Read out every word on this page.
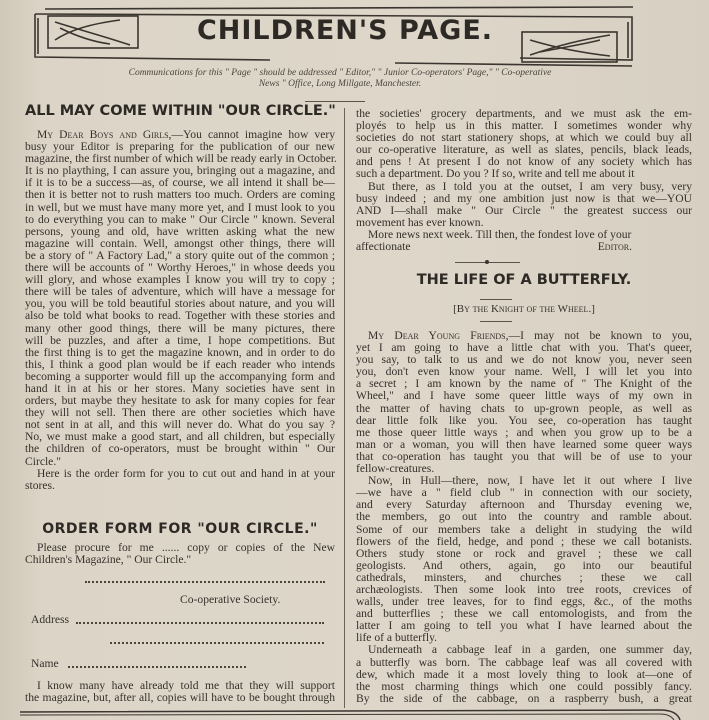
CHILDREN'S PAGE.
Communications for this " Page " should be addressed " Editor," " Junior Co-operators' Page," " Co-operative
News " Office, Long Millgate, Manchester.
ALL MAY COME WITHIN "OUR CIRCLE."
My Dear Boys and Girls,—You cannot imagine how very
busy your Editor is preparing for the publication of our new
magazine, the first number of which will be ready early in October.
It is no plaything, I can assure you, bringing out a magazine, and
if it is to be a success—as, of course, we all intend it shall be—
then it is better not to rush matters too much. Orders are coming
in well, but we must have many more yet, and I must look to you
to do everything you can to make " Our Circle " known. Several
persons, young and old, have written asking what the new
magazine will contain. Well, amongst other things, there will
be a story of " A Factory Lad," a story quite out of the common ;
there will be accounts of " Worthy Heroes," in whose deeds you
will glory, and whose examples I know you will try to copy ;
there will be tales of adventure, which will have a message for
you, you will be told beautiful stories about nature, and you will
also be told what books to read. Together with these stories and
many other good things, there will be many pictures, there
will be puzzles, and after a time, I hope competitions. But
the first thing is to get the magazine known, and in order to do
this, I think a good plan would be if each reader who intends
becoming a supporter would fill up the accompanying form and
hand it in at his or her stores. Many societies have sent in
orders, but maybe they hesitate to ask for many copies for fear
they will not sell. Then there are other societies which have
not sent in at all, and this will never do. What do you say ?
No, we must make a good start, and all children, but especially
the children of co-operators, must be brought within " Our
Circle."
Here is the order form for you to cut out and hand in at your
stores.
ORDER FORM FOR "OUR CIRCLE."
Please procure for me ...... copy or copies of the New
Children's Magazine, " Our Circle."
Co-operative Society.
Address
Name
I know many have already told me that they will support
the magazine, but, after all, copies will have to be bought through
the societies' grocery departments, and we must ask the em-
ployés to help us in this matter. I sometimes wonder why
societies do not start stationery shops, at which we could buy all
our co-operative literature, as well as slates, pencils, black leads,
and pens ! At present I do not know of any society which has
such a department. Do you ? If so, write and tell me about it
But there, as I told you at the outset, I am very busy, very
busy indeed ; and my one ambition just now is that we—YOU
AND I—shall make " Our Circle " the greatest success our
movement has ever known.
More news next week. Till then, the fondest love of your
affectionate	Editor.
THE LIFE OF A BUTTERFLY.
[By the Knight of the Wheel.]
My Dear Young Friends,—I may not be known to you,
yet I am going to have a little chat with you. That's queer,
you say, to talk to us and we do not know you, never seen
you, don't even know your name. Well, I will let you into
a secret ; I am known by the name of " The Knight of the
Wheel," and I have some queer little ways of my own in
the matter of having chats to up-grown people, as well as
dear little folk like you. You see, co-operation has taught
me those queer little ways ; and when you grow up to be a
man or a woman, you will then have learned some queer ways
that co-operation has taught you that will be of use to your
fellow-creatures.
Now, in Hull—there, now, I have let it out where I live
—we have a " field club " in connection with our society,
and every Saturday afternoon and Thursday evening we,
the members, go out into the country and ramble about.
Some of our members take a delight in studying the wild
flowers of the field, hedge, and pond ; these we call botanists.
Others study stone or rock and gravel ; these we call
geologists. And others, again, go into our beautiful
cathedrals, minsters, and churches ; these we call
archæologists. Then some look into tree roots, crevices of
walls, under tree leaves, for to find eggs, &c., of the moths
and butterflies ; these we call entomologists, and from the
latter I am going to tell you what I have learned about the
life of a butterfly.
Underneath a cabbage leaf in a garden, one summer day,
a butterfly was born. The cabbage leaf was all covered with
dew, which made it a most lovely thing to look at—one of
the most charming things which one could possibly fancy.
By the side of the cabbage, on a raspberry bush, a great
